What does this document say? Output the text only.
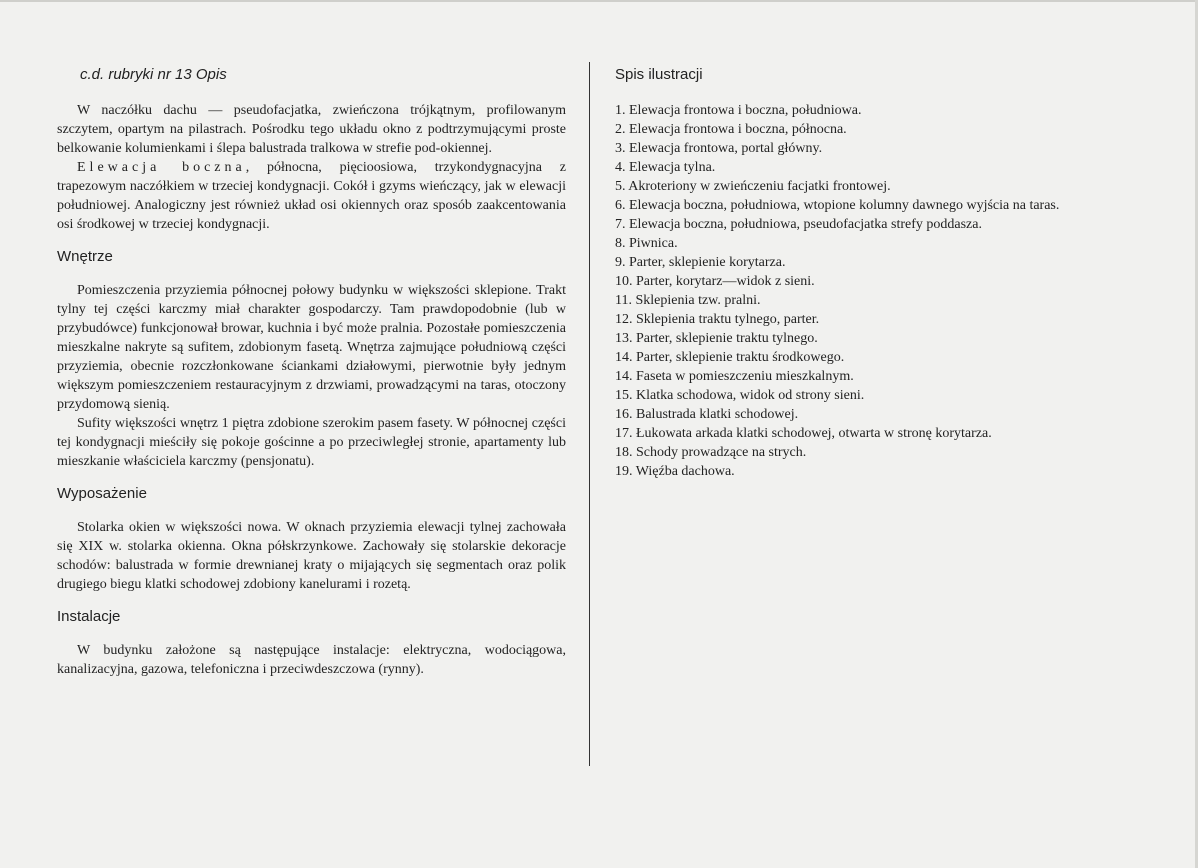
c.d. rubryki nr 13 Opis

W naczółku dachu — pseudofacjatka, zwieńczona trójkątnym, profilowanym szczytem, opartym na pilastrach. Pośrodku tego układu okno z podtrzymującymi proste belkowanie kolumienkami i ślepa balustrada tralkowa w strefie pod-okiennej.

Elewacja boczna, północna, pięcioosiowa, trzykondygnacyjna z trapezowym naczółkiem w trzeciej kondygnacji. Cokół i gzyms wieńczący, jak w elewacji południowej. Analogiczny jest również układ osi okiennych oraz sposób zaakcentowania osi środkowej w trzeciej kondygnacji.

Wnętrze

Pomieszczenia przyziemia północnej połowy budynku w większości sklepione. Trakt tylny tej części karczmy miał charakter gospodarczy. Tam prawdopodobnie (lub w przybudówce) funkcjonował browar, kuchnia i być może pralnia. Pozostałe pomieszczenia mieszkalne nakryte są sufitem, zdobionym fasetą. Wnętrza zajmujące południową części przyziemia, obecnie rozczłonkowane ściankami działowymi, pierwotnie były jednym większym pomieszczeniem restauracyjnym z drzwiami, prowadzącymi na taras, otoczony przydomową sienią.

Sufity większości wnętrz 1 piętra zdobione szerokim pasem fasety. W północnej części tej kondygnacji mieściły się pokoje gościnne a po przeciwległej stronie, apartamenty lub mieszkanie właściciela karczmy (pensjonatu).

Wyposażenie

Stolarka okien w większości nowa. W oknach przyziemia elewacji tylnej zachowała się XIX w. stolarka okienna. Okna półskrzynkowe. Zachowały się stolarskie dekoracje schodów: balustrada w formie drewnianej kraty o mijających się segmentach oraz polik drugiego biegu klatki schodowej zdobiony kanelurami i rozetą.

Instalacje

W budynku założone są następujące instalacje: elektryczna, wodociągowa, kanalizacyjna, gazowa, telefoniczna i przeciwdeszczowa (rynny).

Spis ilustracji
1. Elewacja frontowa i boczna, południowa.
2. Elewacja frontowa i boczna, północna.
3. Elewacja frontowa, portal główny.
4. Elewacja tylna.
5. Akroteriony w zwieńczeniu facjatki frontowej.
6. Elewacja boczna, południowa, wtopione kolumny dawnego wyjścia na taras.
7. Elewacja boczna, południowa, pseudofacjatka strefy poddasza.
8. Piwnica.
9. Parter, sklepienie korytarza.
10. Parter, korytarz—widok z sieni.
11. Sklepienia tzw. pralni.
12. Sklepienia traktu tylnego, parter.
13. Parter, sklepienie traktu tylnego.
14. Parter, sklepienie traktu środkowego.
14. Faseta w pomieszczeniu mieszkalnym.
15. Klatka schodowa, widok od strony sieni.
16. Balustrada klatki schodowej.
17. Łukowata arkada klatki schodowej, otwarta w stronę korytarza.
18. Schody prowadzące na strych.
19. Więźba dachowa.
